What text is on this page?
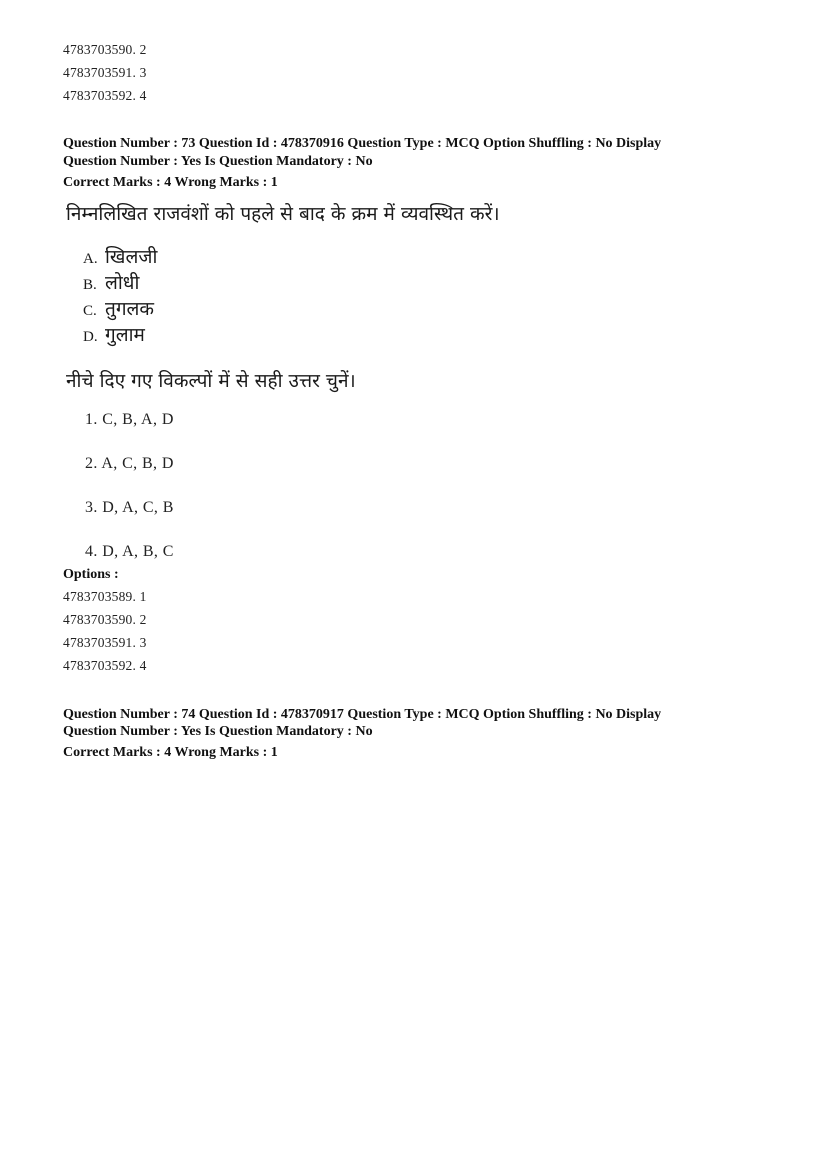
4783703590. 2
4783703591. 3
4783703592. 4
Question Number : 73 Question Id : 478370916 Question Type : MCQ Option Shuffling : No Display
Question Number : Yes Is Question Mandatory : No
Correct Marks : 4 Wrong Marks : 1
निम्नलिखित राजवंशों को पहले से बाद के क्रम में व्यवस्थित करें।
A. खिलजी
B. लोधी
C. तुगलक
D. गुलाम
नीचे दिए गए विकल्पों में से सही उत्तर चुनें।
1. C, B, A, D
2. A, C, B, D
3. D, A, C, B
4. D, A, B, C
Options :
4783703589. 1
4783703590. 2
4783703591. 3
4783703592. 4
Question Number : 74 Question Id : 478370917 Question Type : MCQ Option Shuffling : No Display
Question Number : Yes Is Question Mandatory : No
Correct Marks : 4 Wrong Marks : 1
